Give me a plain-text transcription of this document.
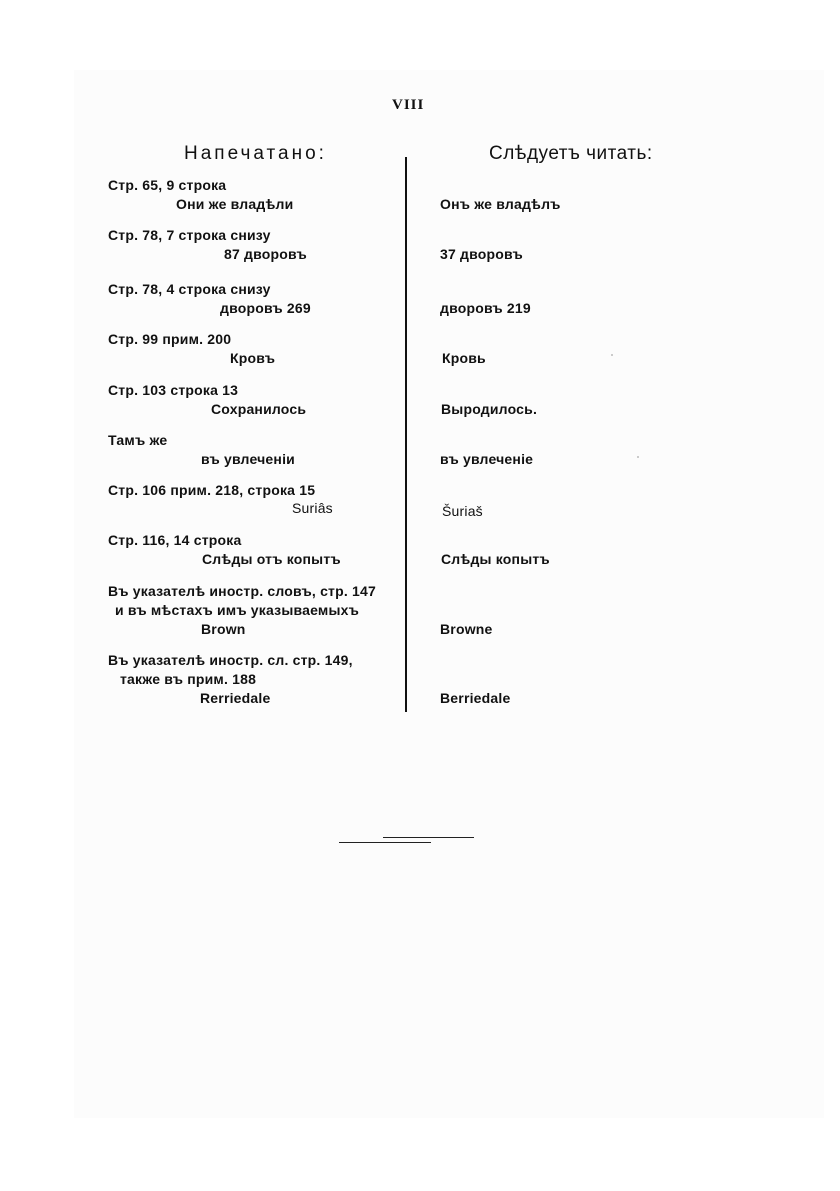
VIII
Напечатано:	Слѣдуетъ читать:
Стр. 65, 9 строка
Они же владѣли	Онъ же владѣлъ
Стр. 78, 7 строка снизу
87 дворовъ	37 дворовъ
Стр. 78, 4 строка снизу
дворовъ 269	дворовъ 219
Стр. 99 прим. 200
Кровъ	Кровь
Стр. 103 строка 13
Сохранилось	Выродилось.
Тамъ же
въ увлеченіи	въ увлеченіе
Стр. 106 прим. 218, строка 15
Suriâs	Šuriaš
Стр. 116, 14 строка
Слѣды отъ копытъ	Слѣды копытъ
Въ указателѣ иностр. словъ, стр. 147
и въ мѣстахъ имъ указываемыхъ
Brown	Browne
Въ указателѣ иностр. сл. стр. 149,
также въ прим. 188
Rerriedale	Berriedale
